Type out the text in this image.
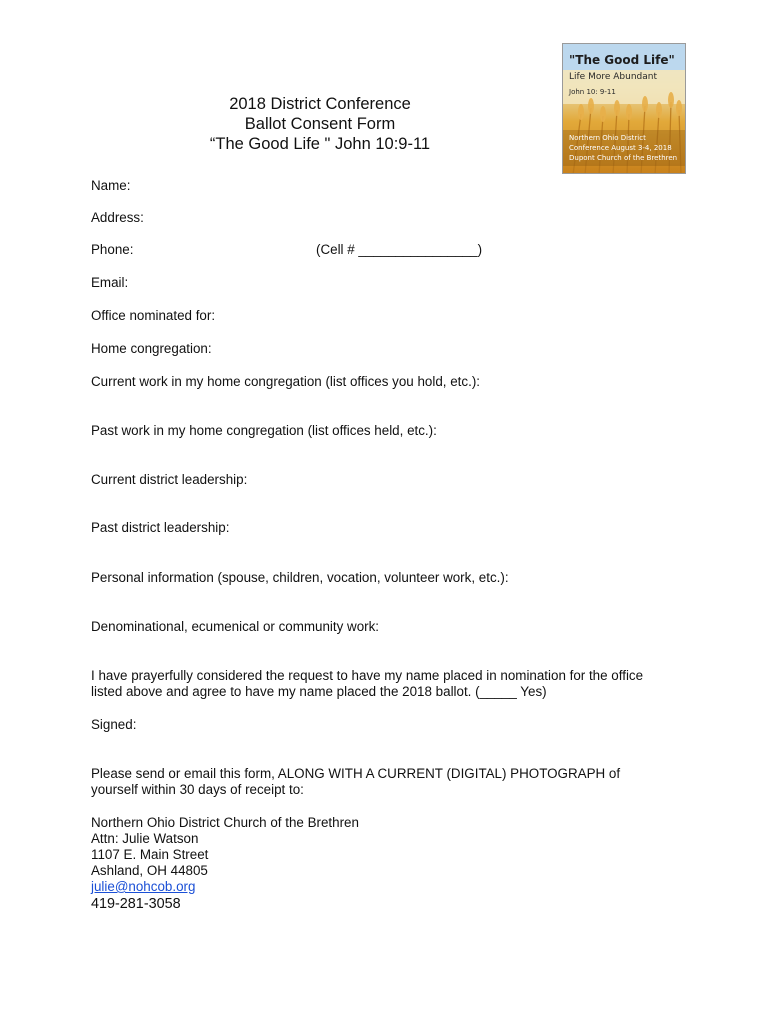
2018 District Conference
Ballot Consent Form
“The Good Life " John 10:9-11
"The Good Life"
Life More Abundant
John 10: 9-11
Northern Ohio District
Conference August 3-4, 2018
Dupont Church of the Brethren
Name:
Address:
Phone:	(Cell # ________________)
Email:
Office nominated for:
Home congregation:
Current work in my home congregation (list offices you hold, etc.):
Past work in my home congregation (list offices held, etc.):
Current district leadership:
Past district leadership:
Personal information (spouse, children, vocation, volunteer work, etc.):
Denominational, ecumenical or community work:
I have prayerfully considered the request to have my name placed in nomination for the office
listed above and agree to have my name placed the 2018 ballot. (_____ Yes)
Signed:
Please send or email this form, ALONG WITH A CURRENT (DIGITAL) PHOTOGRAPH of
yourself within 30 days of receipt to:
Northern Ohio District Church of the Brethren
Attn: Julie Watson
1107 E. Main Street
Ashland, OH 44805
julie@nohcob.org
419-281-3058
